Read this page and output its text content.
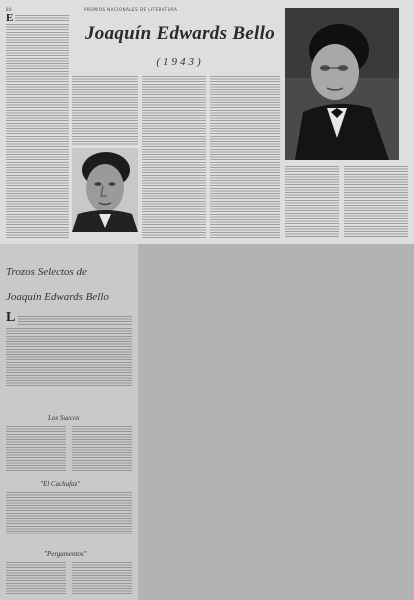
80	PREMIOS NACIONALES DE LITERATURA
E
Joaquín Edwards Bello
(1943)
Trozos Selectos de
Joaquín Edwards Bello
L

Los Suecos
"El Cachafaz"
"Pergamentos"
